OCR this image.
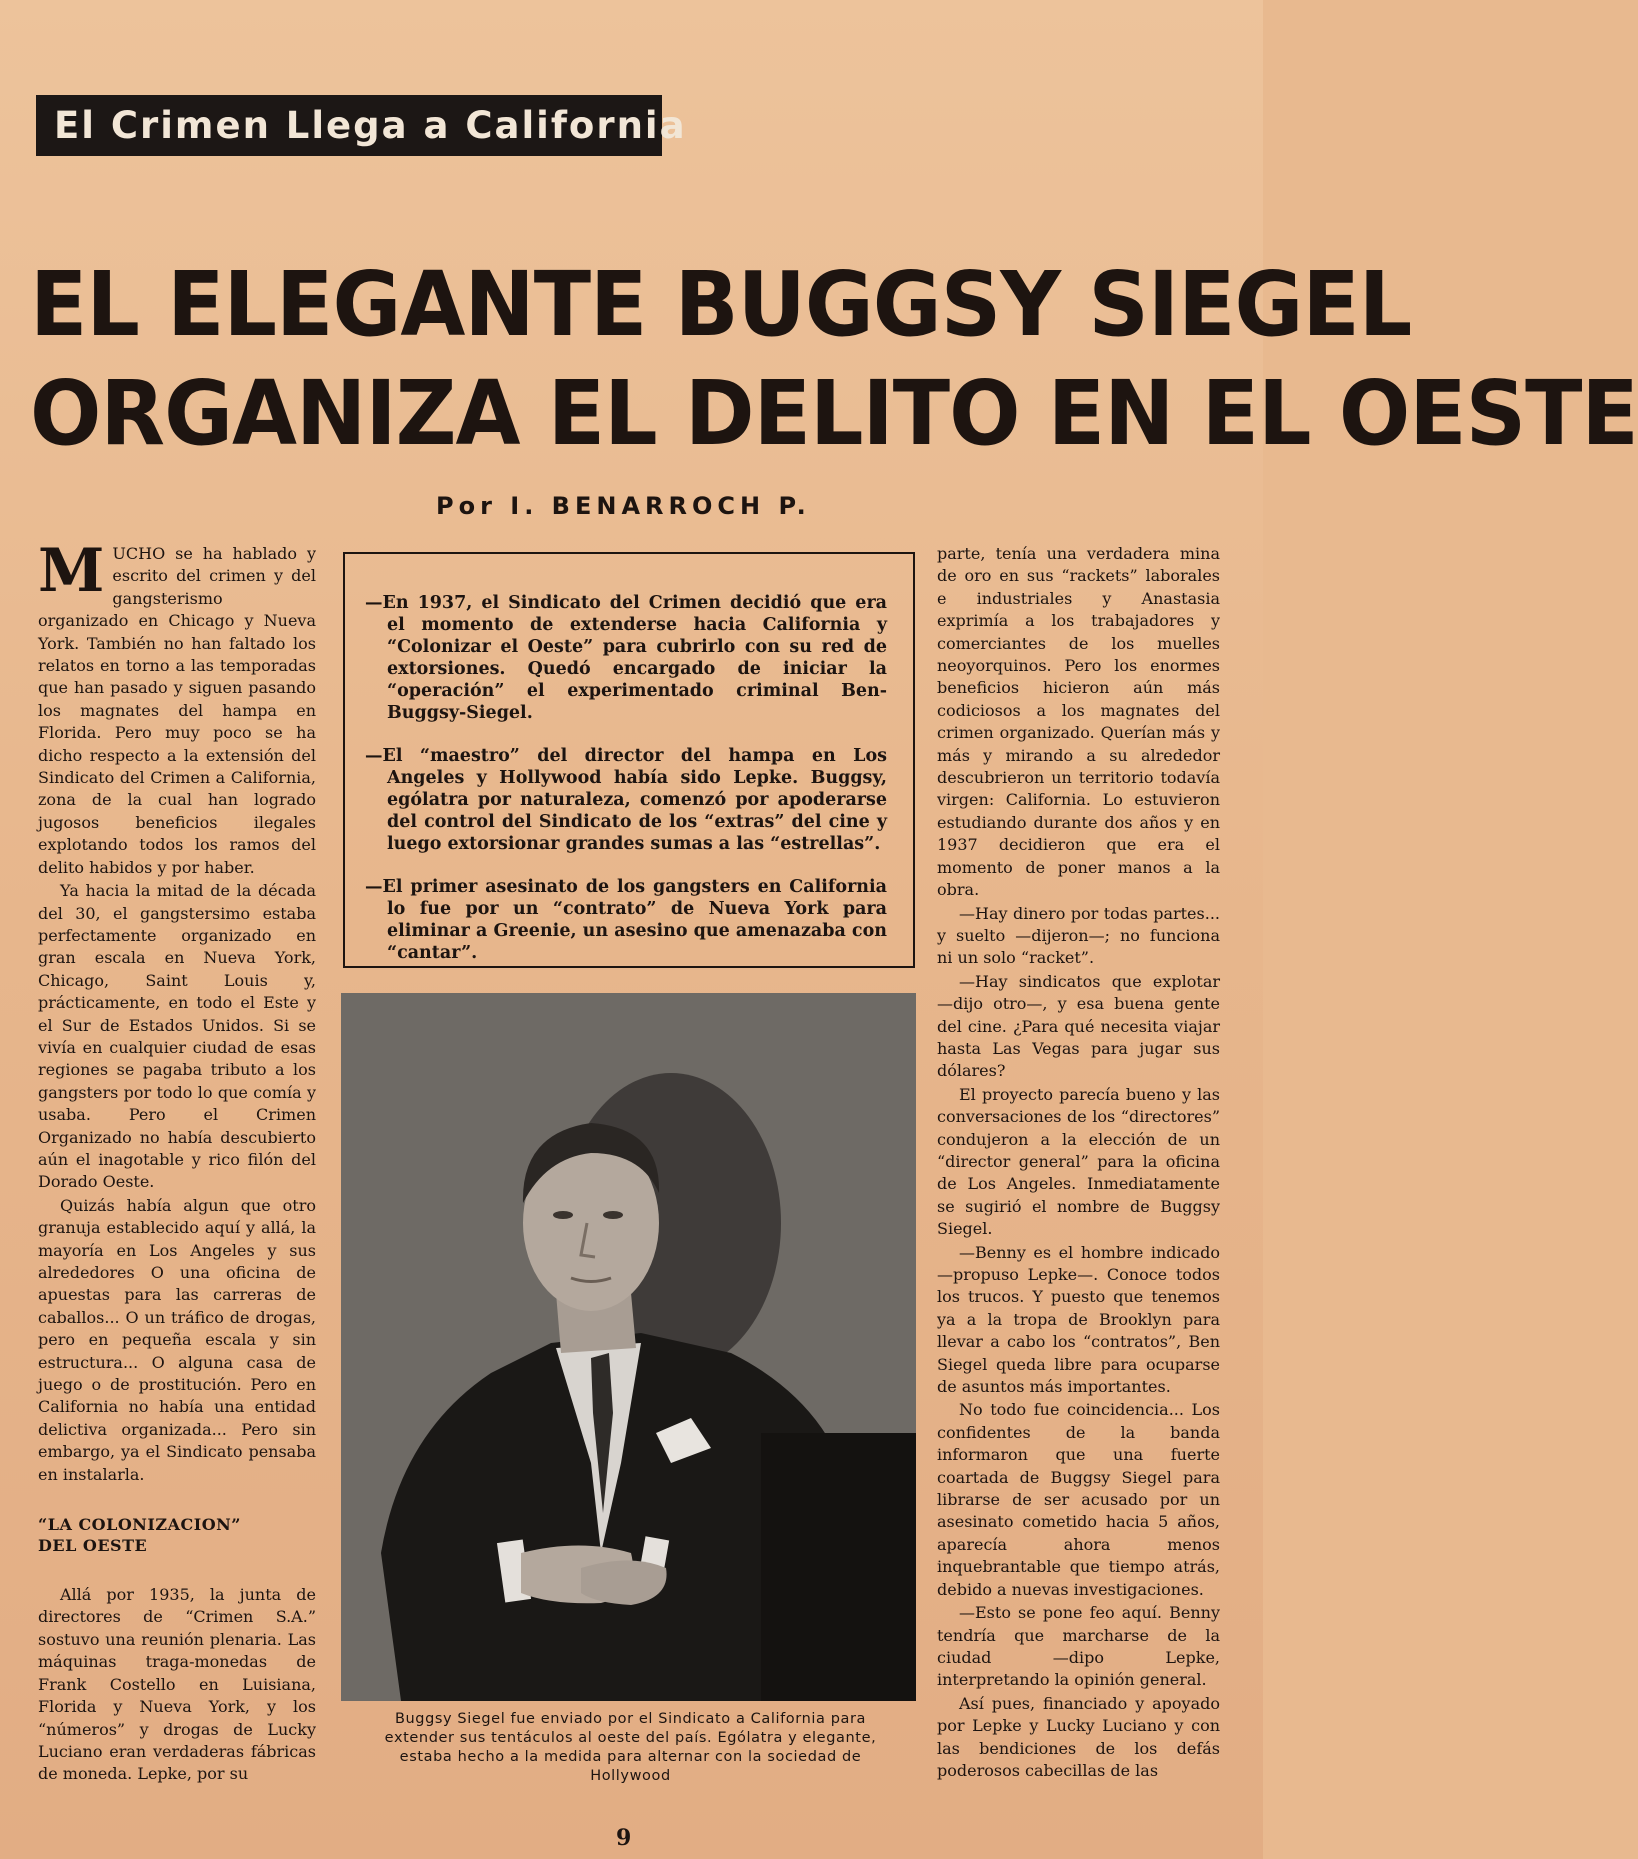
El Crimen Llega a California
EL ELEGANTE BUGGSY SIEGEL
ORGANIZA EL DELITO EN EL OESTE
Por I. BENARROCH P.

MUCHO se ha hablado y escrito del crimen y del gangsterismo organizado en Chicago y Nueva York. También no han faltado los relatos en torno a las temporadas que han pasado y siguen pasando los magnates del hampa en Florida. Pero muy poco se ha dicho respecto a la extensión del Sindicato del Crimen a California, zona de la cual han logrado jugosos beneficios ilegales explotando todos los ramos del delito habidos y por haber.

Ya hacia la mitad de la década del 30, el gangstersimo estaba perfectamente organizado en gran escala en Nueva York, Chicago, Saint Louis y, prácticamente, en todo el Este y el Sur de Estados Unidos. Si se vivía en cualquier ciudad de esas regiones se pagaba tributo a los gangsters por todo lo que comía y usaba. Pero el Crimen Organizado no había descubierto aún el inagotable y rico filón del Dorado Oeste.

Quizás había algun que otro granuja establecido aquí y allá, la mayoría en Los Angeles y sus alrededores O una oficina de apuestas para las carreras de caballos... O un tráfico de drogas, pero en pequeña escala y sin estructura... O alguna casa de juego o de prostitución. Pero en California no había una entidad delictiva organizada... Pero sin embargo, ya el Sindicato pensaba en instalarla.

“LA COLONIZACION”
DEL OESTE

Allá por 1935, la junta de directores de “Crimen S.A.” sostuvo una reunión plenaria. Las máquinas traga-monedas de Frank Costello en Luisiana, Florida y Nueva York, y los “números” y drogas de Lucky Luciano eran verdaderas fábricas de moneda. Lepke, por su

—En 1937, el Sindicato del Crimen decidió que era el momento de extenderse hacia California y “Colonizar el Oeste” para cubrirlo con su red de extorsiones. Quedó encargado de iniciar la “operación” el experimentado criminal Ben-Buggsy-Siegel.

—El “maestro” del director del hampa en Los Angeles y Hollywood había sido Lepke. Buggsy, ególatra por naturaleza, comenzó por apoderarse del control del Sindicato de los “extras” del cine y luego extorsionar grandes sumas a las “estrellas”.

—El primer asesinato de los gangsters en California lo fue por un “contrato” de Nueva York para eliminar a Greenie, un asesino que amenazaba con “cantar”.

Buggsy Siegel fue enviado por el Sindicato a California para extender sus tentáculos al oeste del país. Ególatra y elegante, estaba hecho a la medida para alternar con la sociedad de Hollywood

parte, tenía una verdadera mina de oro en sus “rackets” laborales e industriales y Anastasia exprimía a los trabajadores y comerciantes de los muelles neoyorquinos. Pero los enormes beneficios hicieron aún más codiciosos a los magnates del crimen organizado. Querían más y más y mirando a su alrededor descubrieron un territorio todavía virgen: California. Lo estuvieron estudiando durante dos años y en 1937 decidieron que era el momento de poner manos a la obra.

—Hay dinero por todas partes... y suelto —dijeron—; no funciona ni un solo “racket”.

—Hay sindicatos que explotar —dijo otro—, y esa buena gente del cine. ¿Para qué necesita viajar hasta Las Vegas para jugar sus dólares?

El proyecto parecía bueno y las conversaciones de los “directores” condujeron a la elección de un “director general” para la oficina de Los Angeles. Inmediatamente se sugirió el nombre de Buggsy Siegel.

—Benny es el hombre indicado —propuso Lepke—. Conoce todos los trucos. Y puesto que tenemos ya a la tropa de Brooklyn para llevar a cabo los “contratos”, Ben Siegel queda libre para ocuparse de asuntos más importantes.

No todo fue coincidencia... Los confidentes de la banda informaron que una fuerte coartada de Buggsy Siegel para librarse de ser acusado por un asesinato cometido hacia 5 años, aparecía ahora menos inquebrantable que tiempo atrás, debido a nuevas investigaciones.

—Esto se pone feo aquí. Benny tendría que marcharse de la ciudad —dipo Lepke, interpretando la opinión general.

Así pues, financiado y apoyado por Lepke y Lucky Luciano y con las bendiciones de los defás poderosos cabecillas de las

9
